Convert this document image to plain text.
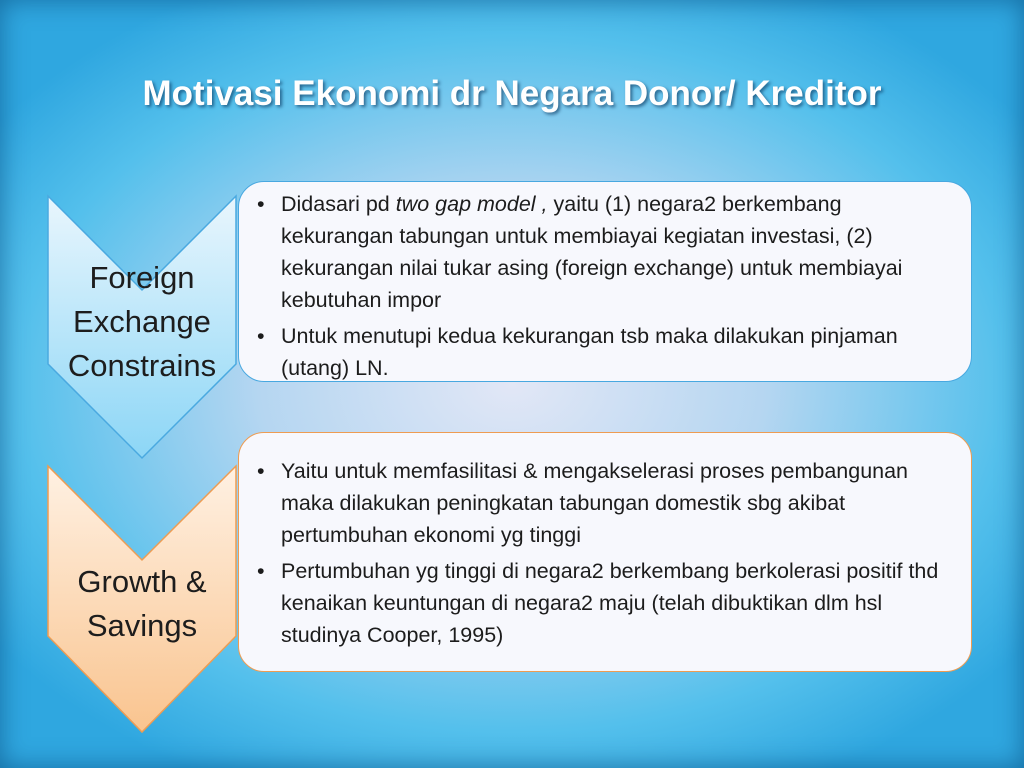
Motivasi Ekonomi dr Negara Donor/ Kreditor
Foreign
Exchange
Constrains
Growth &
Savings
• Didasari pd two gap model , yaitu (1) negara2 berkembang kekurangan tabungan untuk membiayai kegiatan investasi, (2) kekurangan nilai tukar asing (foreign exchange) untuk membiayai kebutuhan impor
• Untuk menutupi kedua kekurangan tsb maka dilakukan pinjaman (utang) LN.
• Yaitu untuk memfasilitasi & mengakselerasi proses pembangunan maka dilakukan peningkatan tabungan domestik sbg akibat pertumbuhan ekonomi yg tinggi
• Pertumbuhan yg tinggi di negara2 berkembang berkolerasi positif thd kenaikan keuntungan di negara2 maju (telah dibuktikan dlm hsl studinya Cooper, 1995)
